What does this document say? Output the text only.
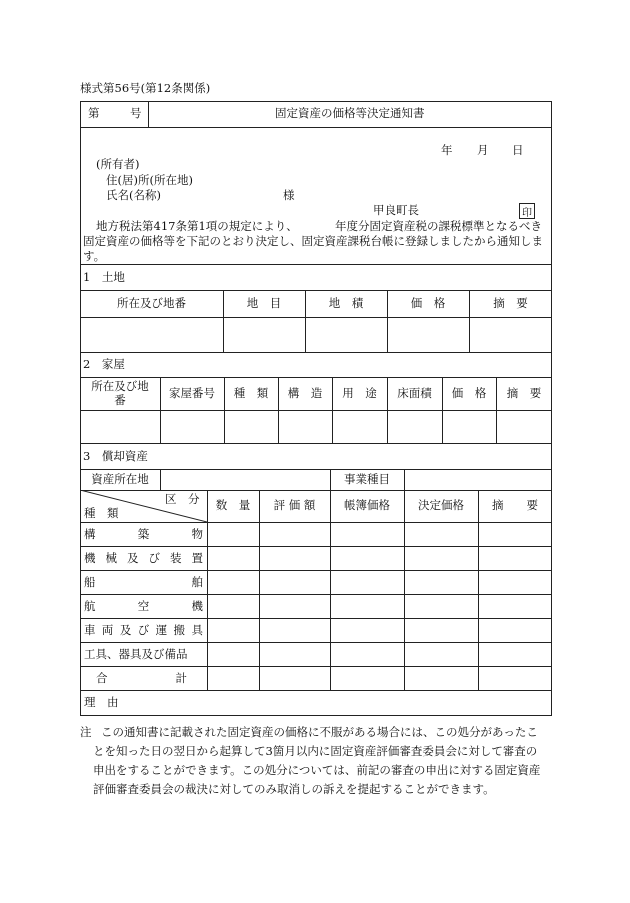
様式第56号(第12条関係)
第	号	固定資産の価格等決定通知書
年 月 日
(所有者)
住(居)所(所在地)
氏名(名称)	様
甲良町長	印
地方税法第417条第1項の規定により、	年度分固定資産税の課税標準となるべき
固定資産の価格等を下記のとおり決定し、固定資産課税台帳に登録しましたから通知しま
す。
1　土地
所在及び地番	地　目	地　積	価　格	摘　要
2　家屋
所在及び地番	家屋番号	種　類	構　造	用　途	床面積	価　格	摘　要
3　償却資産
資産所在地	事業種目
区　分
種　類
数　量	評 価 額	帳簿価格	決定価格	摘　　要
構	築	物
機 械 及 び 装 置
船	舶
航	空	機
車 両 及 び 運 搬 具
工具、器具及び備品
合	計
理　由
注 この通知書に記載された固定資産の価格に不服がある場合には、この処分があったこ
とを知った日の翌日から起算して3箇月以内に固定資産評価審査委員会に対して審査の
申出をすることができます。この処分については、前記の審査の申出に対する固定資産
評価審査委員会の裁決に対してのみ取消しの訴えを提起することができます。
